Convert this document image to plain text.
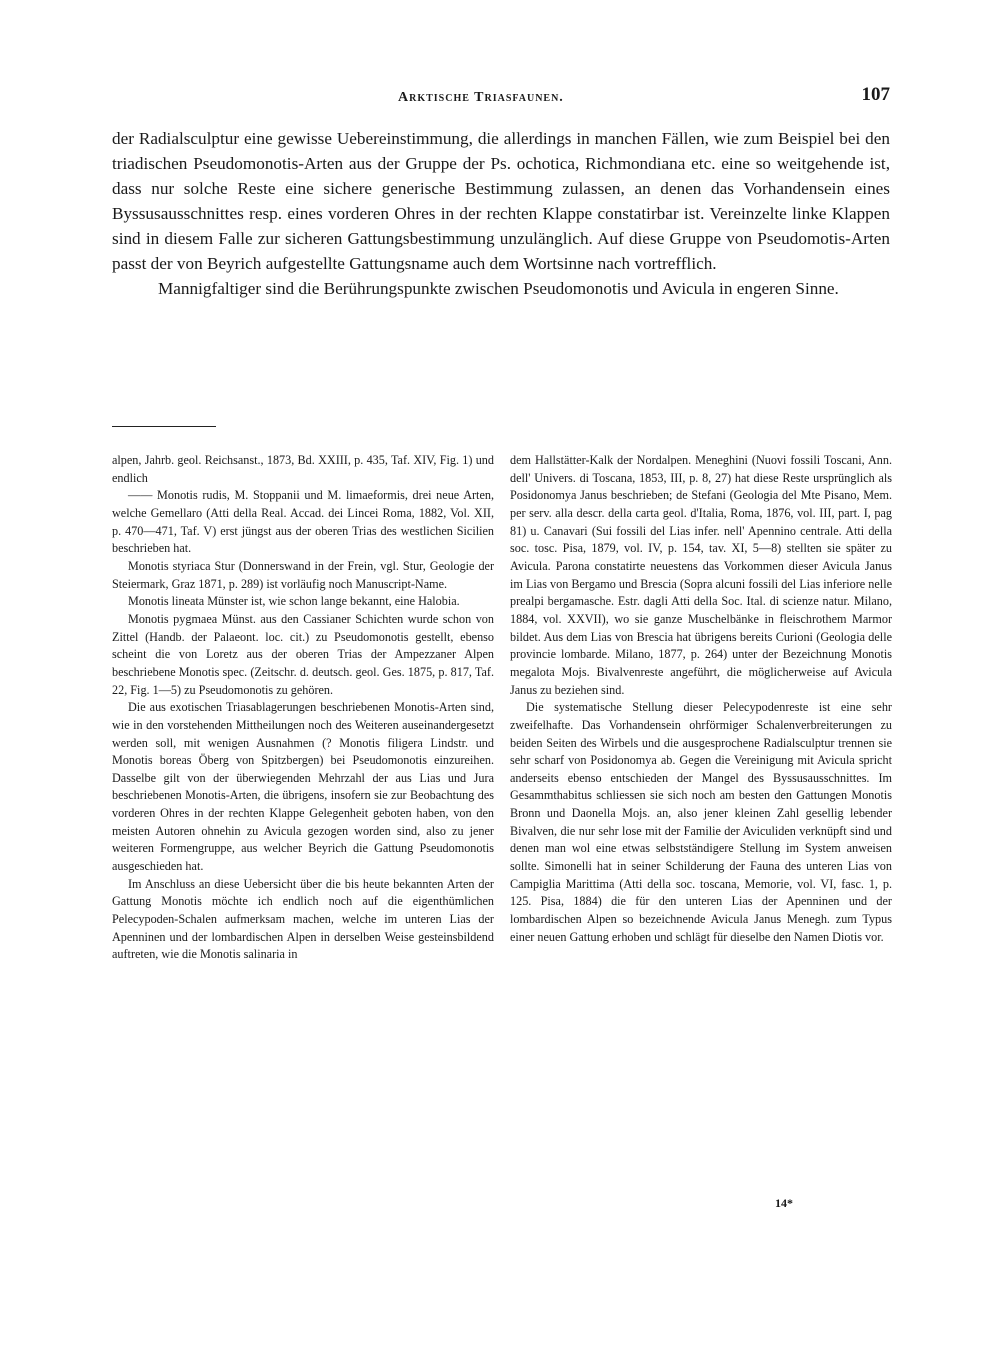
Arktische Triasfaunen.	107

der Radialsculptur eine gewisse Uebereinstimmung, die allerdings in manchen Fällen, wie zum Beispiel bei den triadischen Pseudomonotis-Arten aus der Gruppe der Ps. ochotica, Richmondiana etc. eine so weitgehende ist, dass nur solche Reste eine sichere generische Bestimmung zulassen, an denen das Vorhandensein eines Byssusausschnittes resp. eines vorderen Ohres in der rechten Klappe constatirbar ist. Vereinzelte linke Klappen sind in diesem Falle zur sicheren Gattungsbestimmung unzulänglich. Auf diese Gruppe von Pseudomotis-Arten passt der von Beyrich aufgestellte Gattungsname auch dem Wortsinne nach vortrefflich.

Mannigfaltiger sind die Berührungspunkte zwischen Pseudomonotis und Avicula in engeren Sinne.

alpen, Jahrb. geol. Reichsanst., 1873, Bd. XXIII, p. 435, Taf. XIV, Fig. 1) und endlich

—— Monotis rudis, M. Stoppanii und M. limaeformis, drei neue Arten, welche Gemellaro (Atti della Real. Accad. dei Lincei Roma, 1882, Vol. XII, p. 470—471, Taf. V) erst jüngst aus der oberen Trias des westlichen Sicilien beschrieben hat.

Monotis styriaca Stur (Donnerswand in der Frein, vgl. Stur, Geologie der Steiermark, Graz 1871, p. 289) ist vorläufig noch Manuscript-Name.

Monotis lineata Münster ist, wie schon lange bekannt, eine Halobia.

Monotis pygmaea Münst. aus den Cassianer Schichten wurde schon von Zittel (Handb. der Palaeont. loc. cit.) zu Pseudomonotis gestellt, ebenso scheint die von Loretz aus der oberen Trias der Ampezzaner Alpen beschriebene Monotis spec. (Zeitschr. d. deutsch. geol. Ges. 1875, p. 817, Taf. 22, Fig. 1—5) zu Pseudomonotis zu gehören.

Die aus exotischen Triasablagerungen beschriebenen Monotis-Arten sind, wie in den vorstehenden Mittheilungen noch des Weiteren auseinandergesetzt werden soll, mit wenigen Ausnahmen (? Monotis filigera Lindstr. und Monotis boreas Öberg von Spitzbergen) bei Pseudomonotis einzureihen. Dasselbe gilt von der überwiegenden Mehrzahl der aus Lias und Jura beschriebenen Monotis-Arten, die übrigens, insofern sie zur Beobachtung des vorderen Ohres in der rechten Klappe Gelegenheit geboten haben, von den meisten Autoren ohnehin zu Avicula gezogen worden sind, also zu jener weiteren Formengruppe, aus welcher Beyrich die Gattung Pseudomonotis ausgeschieden hat.

Im Anschluss an diese Uebersicht über die bis heute bekannten Arten der Gattung Monotis möchte ich endlich noch auf die eigenthümlichen Pelecypoden-Schalen aufmerksam machen, welche im unteren Lias der Apenninen und der lombardischen Alpen in derselben Weise gesteinsbildend auftreten, wie die Monotis salinaria in

dem Hallstätter-Kalk der Nordalpen. Meneghini (Nuovi fossili Toscani, Ann. dell' Univers. di Toscana, 1853, III, p. 8, 27) hat diese Reste ursprünglich als Posidonomya Janus beschrieben; de Stefani (Geologia del Mte Pisano, Mem. per serv. alla descr. della carta geol. d'Italia, Roma, 1876, vol. III, part. I, pag 81) u. Canavari (Sui fossili del Lias infer. nell' Apennino centrale. Atti della soc. tosc. Pisa, 1879, vol. IV, p. 154, tav. XI, 5—8) stellten sie später zu Avicula. Parona constatirte neuestens das Vorkommen dieser Avicula Janus im Lias von Bergamo und Brescia (Sopra alcuni fossili del Lias inferiore nelle prealpi bergamasche. Estr. dagli Atti della Soc. Ital. di scienze natur. Milano, 1884, vol. XXVII), wo sie ganze Muschelbänke in fleischrothem Marmor bildet. Aus dem Lias von Brescia hat übrigens bereits Curioni (Geologia delle provincie lombarde. Milano, 1877, p. 264) unter der Bezeichnung Monotis megalota Mojs. Bivalvenreste angeführt, die möglicherweise auf Avicula Janus zu beziehen sind.

Die systematische Stellung dieser Pelecypodenreste ist eine sehr zweifelhafte. Das Vorhandensein ohrförmiger Schalenverbreiterungen zu beiden Seiten des Wirbels und die ausgesprochene Radialsculptur trennen sie sehr scharf von Posidonomya ab. Gegen die Vereinigung mit Avicula spricht anderseits ebenso entschieden der Mangel des Byssusausschnittes. Im Gesammthabitus schliessen sie sich noch am besten den Gattungen Monotis Bronn und Daonella Mojs. an, also jener kleinen Zahl gesellig lebender Bivalven, die nur sehr lose mit der Familie der Aviculiden verknüpft sind und denen man wol eine etwas selbstständigere Stellung im System anweisen sollte. Simonelli hat in seiner Schilderung der Fauna des unteren Lias von Campiglia Marittima (Atti della soc. toscana, Memorie, vol. VI, fasc. 1, p. 125. Pisa, 1884) die für den unteren Lias der Apenninen und der lombardischen Alpen so bezeichnende Avicula Janus Menegh. zum Typus einer neuen Gattung erhoben und schlägt für dieselbe den Namen Diotis vor.

14*
